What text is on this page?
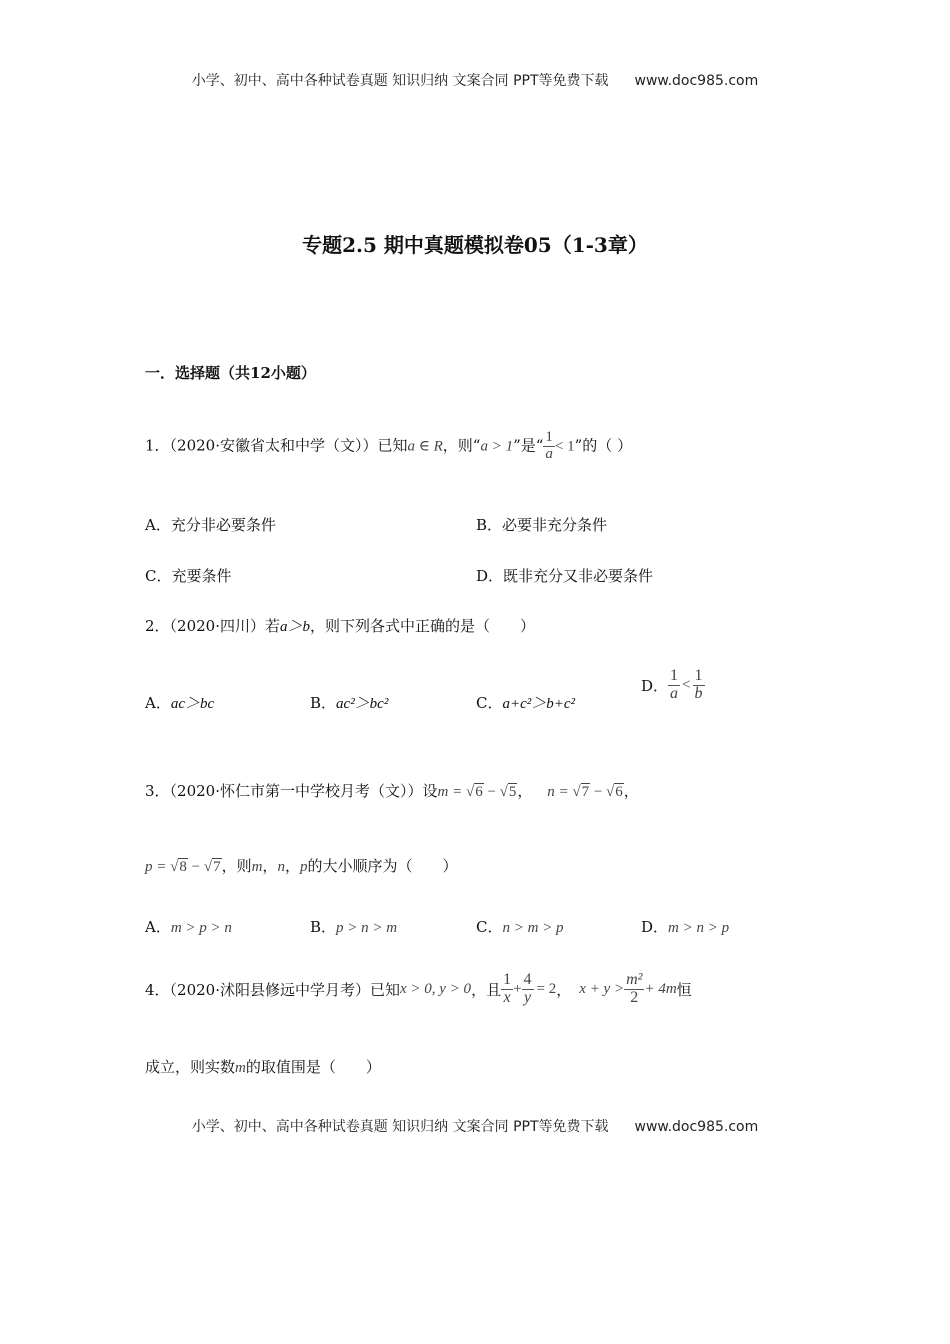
小学、初中、高中各种试卷真题 知识归纳 文案合同 PPT等免费下载 www.doc985.com
专题2.5 期中真题模拟卷05（1-3章）
一．选择题（共12小题）
1．（2020·安徽省太和中学（文））已知a ∈ R，则“a > 1”是“ $\frac{1}{a} < 1$”的（ ）
A．充分非必要条件	B．必要非充分条件
C．充要条件	D．既非充分又非必要条件
2．（2020·四川）若a＞b，则下列各式中正确的是（　　）
A．ac＞bc	B．ac²＞bc²	C．a+c²＞b+c²
D． $\frac{1}{a} < \frac{1}{b}$
3．（2020·怀仁市第一中学校月考（文））设m = √6 − √5， n = √7 − √6，
p = √8 − √7，则m，n，p的大小顺序为（　　）
A．m > p > n	B．p > n > m	C．n > m > p	D．m > n > p
4．（2020·沭阳县修远中学月考）已知x > 0, y > 0，且 $\frac{1}{x} + \frac{4}{y} = 2$， $x + y > \frac{\text{m²}}{2} + 4m$恒
成立，则实数m的取值围是（　　）
小学、初中、高中各种试卷真题 知识归纳 文案合同 PPT等免费下载 www.doc985.com
